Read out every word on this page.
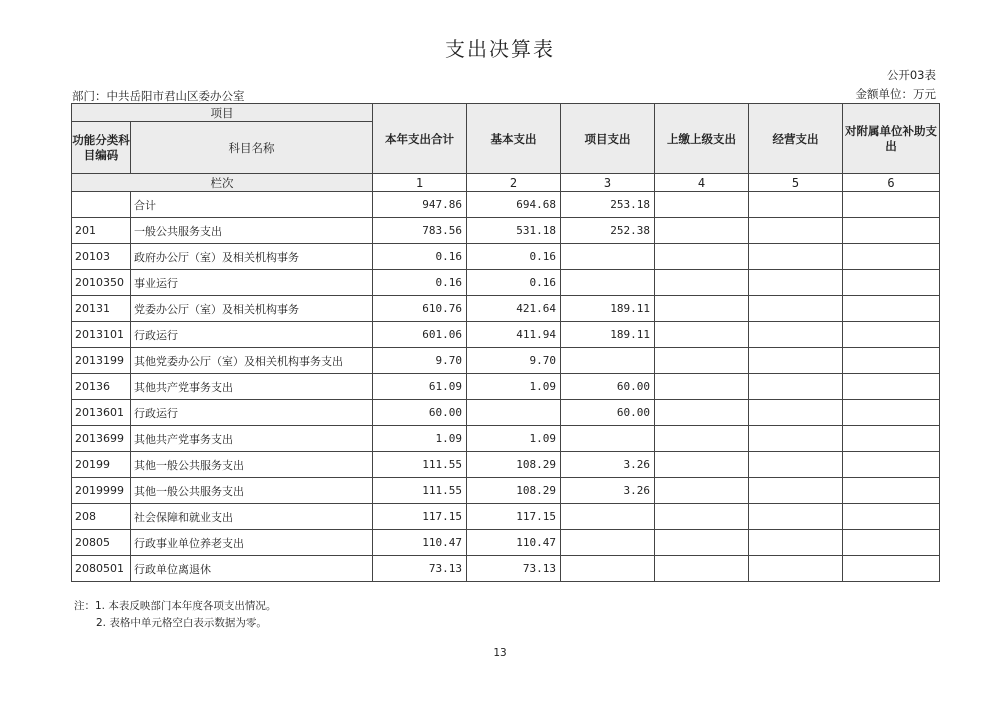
支出决算表
公开03表
金额单位：万元
部门：中共岳阳市君山区委办公室
项目		本年支出合计	基本支出	项目支出	上缴上级支出	经营支出	对附属单位补助支出
功能分类科目编码	科目名称						
栏次		1	2	3	4	5	6
	合计	947.86	694.68	253.18			
201	一般公共服务支出	783.56	531.18	252.38			
20103	政府办公厅（室）及相关机构事务	0.16	0.16				
2010350	事业运行	0.16	0.16				
20131	党委办公厅（室）及相关机构事务	610.76	421.64	189.11			
2013101	行政运行	601.06	411.94	189.11			
2013199	其他党委办公厅（室）及相关机构事务支出	9.70	9.70				
20136	其他共产党事务支出	61.09	1.09	60.00			
2013601	行政运行	60.00		60.00			
2013699	其他共产党事务支出	1.09	1.09				
20199	其他一般公共服务支出	111.55	108.29	3.26			
2019999	其他一般公共服务支出	111.55	108.29	3.26			
208	社会保障和就业支出	117.15	117.15				
20805	行政事业单位养老支出	110.47	110.47				
2080501	行政单位离退休	73.13	73.13				
注：1. 本表反映部门本年度各项支出情况。
2. 表格中单元格空白表示数据为零。
13
